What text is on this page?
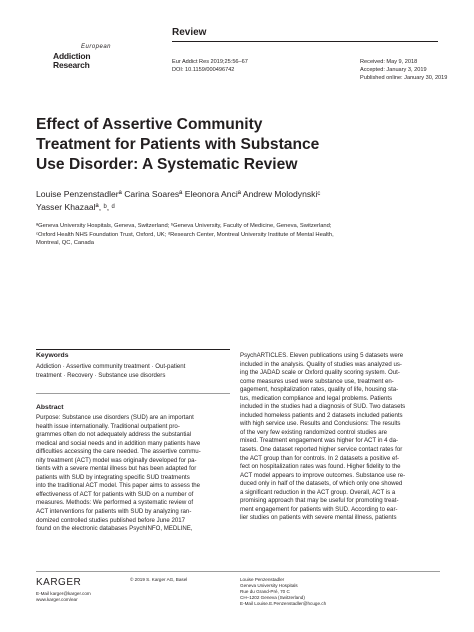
Review
European
Addiction
Research	Eur Addict Res 2019;25:56–67
DOI: 10.1159/000496742
Received: May 9, 2018
Accepted: January 3, 2019
Published online: January 30, 2019
Effect of Assertive Community
Treatment for Patients with Substance
Use Disorder: A Systematic Review
Louise Penzenstadlerª Carina Soaresª Eleonora Anciª Andrew Molodynskiᶜ
Yasser Khazaalª, ᵇ, ᵈ
ªGeneva University Hospitals, Geneva, Switzerland; ᵇGeneva University, Faculty of Medicine, Geneva, Switzerland;
ᶜOxford Health NHS Foundation Trust, Oxford, UK; ᵈResearch Center, Montreal University Institute of Mental Health,
Montreal, QC, Canada
Keywords
Addiction · Assertive community treatment · Out-patient
treatment · Recovery · Substance use disorders
Abstract
Purpose: Substance use disorders (SUD) are an important
health issue internationally. Traditional outpatient pro-
grammes often do not adequately address the substantial
medical and social needs and in addition many patients have
difficulties accessing the care needed. The assertive commu-
nity treatment (ACT) model was originally developed for pa-
tients with a severe mental illness but has been adapted for
patients with SUD by integrating specific SUD treatments
into the traditional ACT model. This paper aims to assess the
effectiveness of ACT for patients with SUD on a number of
measures. Methods: We performed a systematic review of
ACT interventions for patients with SUD by analyzing ran-
domized controlled studies published before June 2017
found on the electronic databases PsychINFO, MEDLINE,
PsychARTICLES. Eleven publications using 5 datasets were
included in the analysis. Quality of studies was analyzed us-
ing the JADAD scale or Oxford quality scoring system. Out-
come measures used were substance use, treatment en-
gagement, hospitalization rates, quality of life, housing sta-
tus, medication compliance and legal problems. Patients
included in the studies had a diagnosis of SUD. Two datasets
included homeless patients and 2 datasets included patients
with high service use. Results and Conclusions: The results
of the very few existing randomized control studies are
mixed. Treatment engagement was higher for ACT in 4 da-
tasets. One dataset reported higher service contact rates for
the ACT group than for controls. In 2 datasets a positive ef-
fect on hospitalization rates was found. Higher fidelity to the
ACT model appears to improve outcomes. Substance use re-
duced only in half of the datasets, of which only one showed
a significant reduction in the ACT group. Overall, ACT is a
promising approach that may be useful for promoting treat-
ment engagement for patients with SUD. According to ear-
lier studies on patients with severe mental illness, patients
KARGER
E-Mail karger@karger.com
www.karger.com/ear
© 2019 S. Karger AG, Basel	Louise Penzenstadler
Geneva University Hospitals
Rue du Grand-Pré, 70 C
CH–1202 Geneva (Switzerland)
E-Mail Louise.E.Penzenstadler@hcuge.ch
